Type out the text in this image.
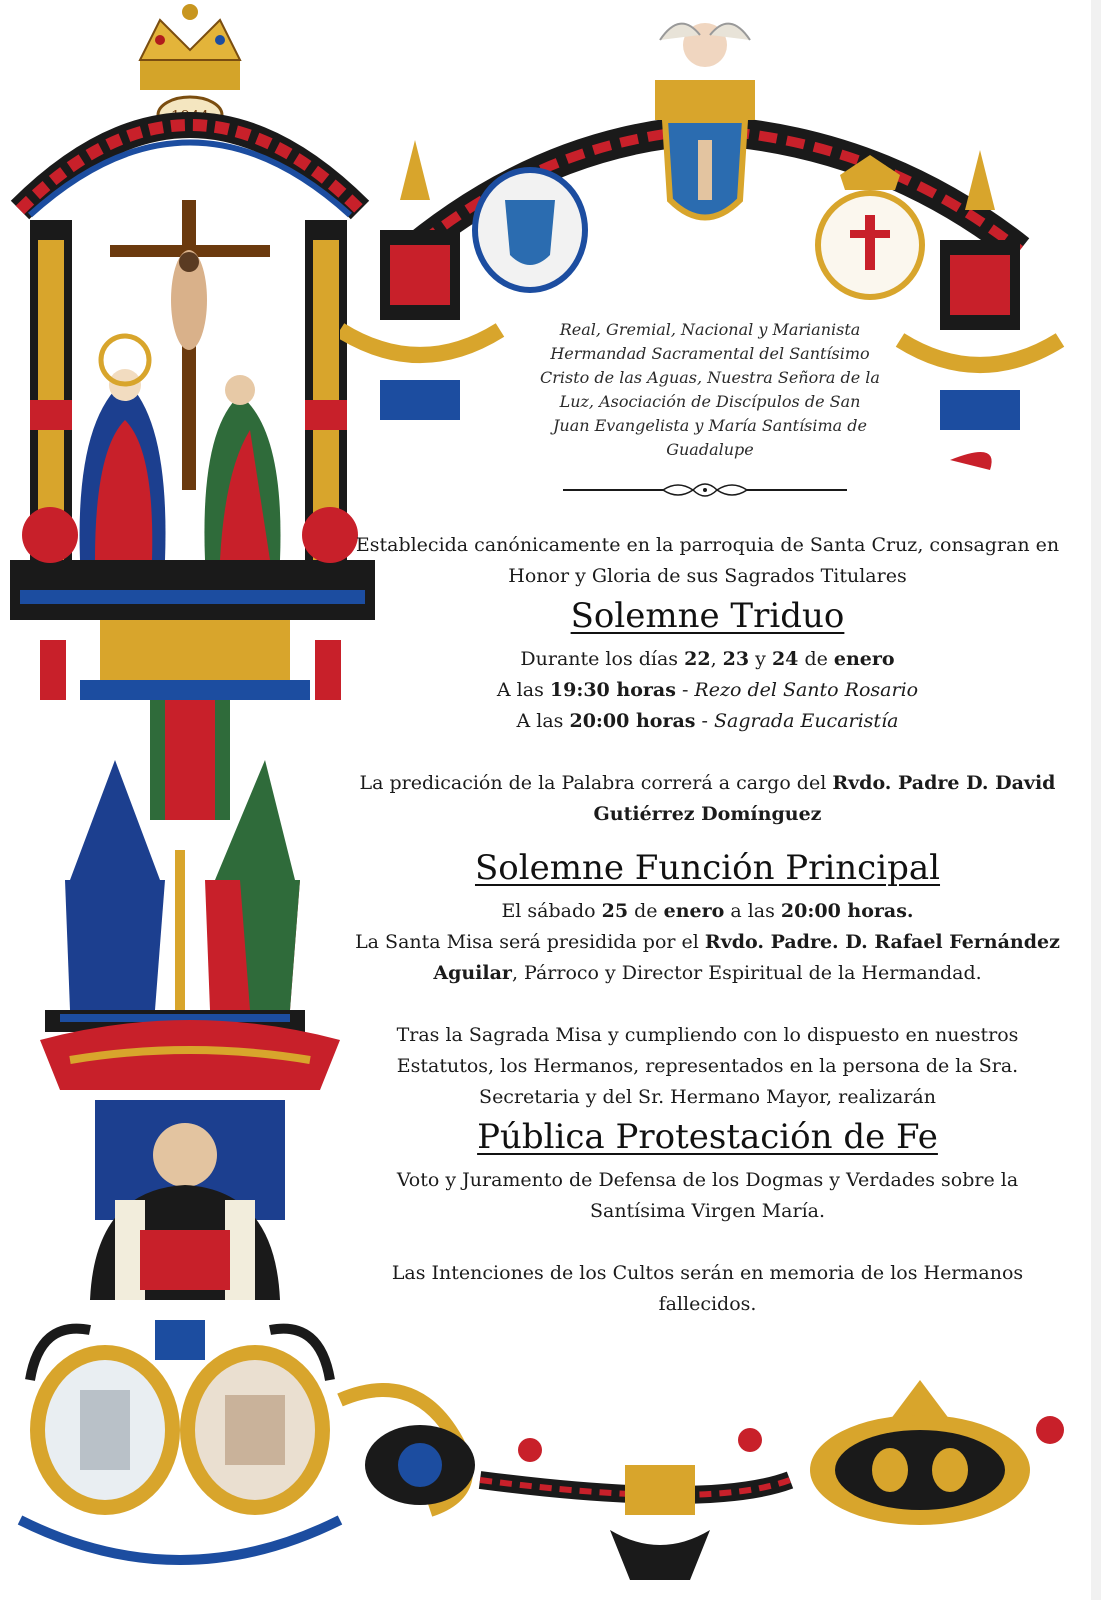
1944
Real, Gremial, Nacional y Marianista Hermandad Sacramental del Santísimo Cristo de las Aguas, Nuestra Señora de la Luz, Asociación de Discípulos de San Juan Evangelista y María Santísima de Guadalupe

Establecida canónicamente en la parroquia de Santa Cruz, consagran en Honor y Gloria de sus Sagrados Titulares

Solemne Triduo

Durante los días 22, 23 y 24 de enero

A las 19:30 horas - Rezo del Santo Rosario

A las 20:00 horas - Sagrada Eucaristía

La predicación de la Palabra correrá a cargo del Rvdo. Padre D. David Gutiérrez Domínguez

Solemne Función Principal

El sábado 25 de enero a las 20:00 horas.

La Santa Misa será presidida por el Rvdo. Padre. D. Rafael Fernández Aguilar, Párroco y Director Espiritual de la Hermandad.

Tras la Sagrada Misa y cumpliendo con lo dispuesto en nuestros Estatutos, los Hermanos, representados en la persona de la Sra. Secretaria y del Sr. Hermano Mayor, realizarán

Pública Protestación de Fe

Voto y Juramento de Defensa de los Dogmas y Verdades sobre la Santísima Virgen María.

Las Intenciones de los Cultos serán en memoria de los Hermanos fallecidos.
